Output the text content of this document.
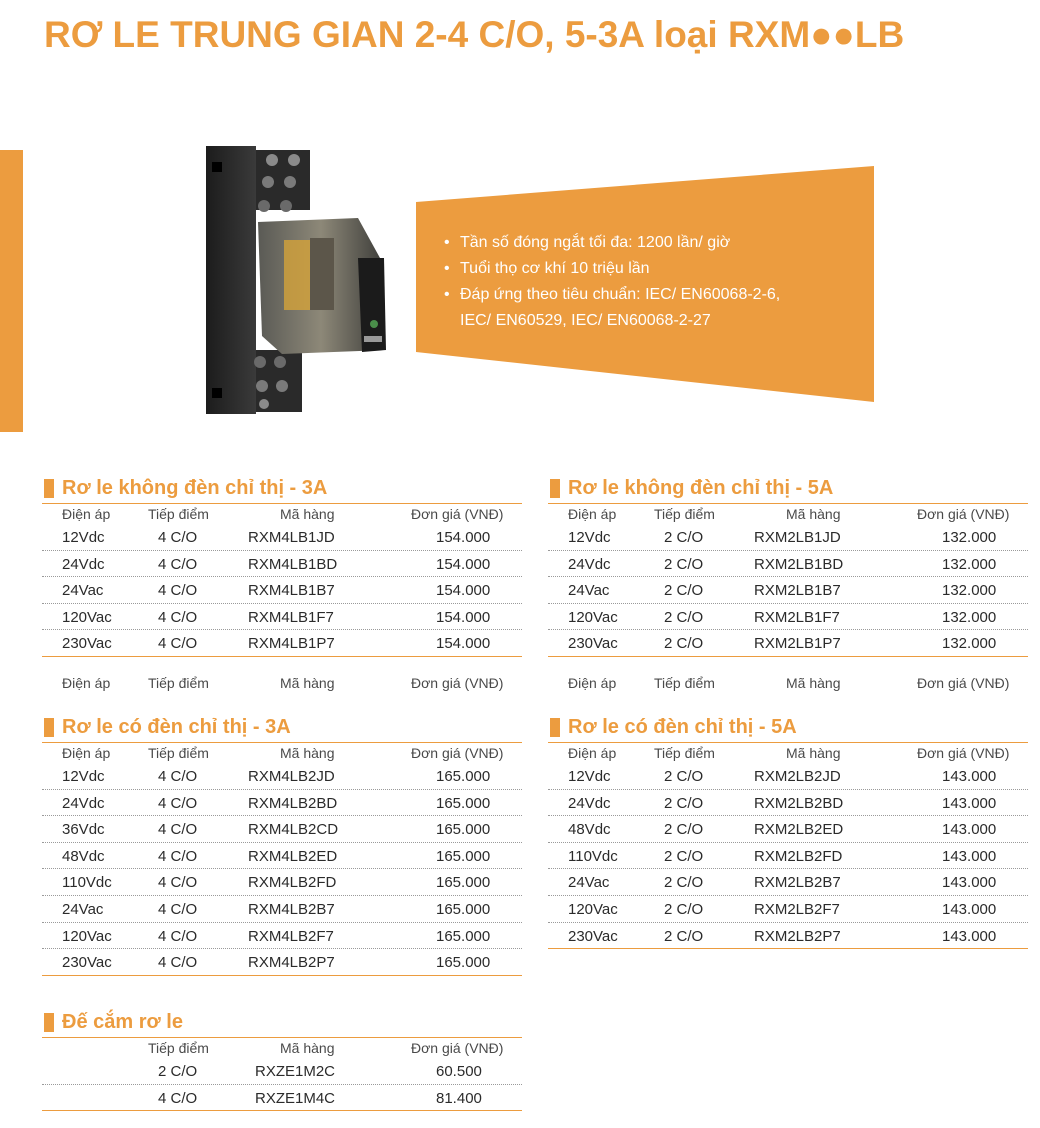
RƠ LE TRUNG GIAN 2-4 C/O, 5-3A loại RXM●●LB
• Tần số đóng ngắt tối đa: 1200 lần/ giờ
• Tuổi thọ cơ khí 10 triệu lần
• Đáp ứng theo tiêu chuẩn: IEC/ EN60068-2-6,
IEC/ EN60529, IEC/ EN60068-2-27
Rơ le không đèn chỉ thị - 3A
Điện áp	Tiếp điểm	Mã hàng	Đơn giá (VNĐ)
12Vdc	4 C/O	RXM4LB1JD	154.000
24Vdc	4 C/O	RXM4LB1BD	154.000
24Vac	4 C/O	RXM4LB1B7	154.000
120Vac	4 C/O	RXM4LB1F7	154.000
230Vac	4 C/O	RXM4LB1P7	154.000
Điện áp	Tiếp điểm	Mã hàng	Đơn giá (VNĐ)
Rơ le không đèn chỉ thị - 5A
Điện áp	Tiếp điểm	Mã hàng	Đơn giá (VNĐ)
12Vdc	2 C/O	RXM2LB1JD	132.000
24Vdc	2 C/O	RXM2LB1BD	132.000
24Vac	2 C/O	RXM2LB1B7	132.000
120Vac	2 C/O	RXM2LB1F7	132.000
230Vac	2 C/O	RXM2LB1P7	132.000
Điện áp	Tiếp điểm	Mã hàng	Đơn giá (VNĐ)
Rơ le có đèn chỉ thị - 3A
Điện áp	Tiếp điểm	Mã hàng	Đơn giá (VNĐ)
12Vdc	4 C/O	RXM4LB2JD	165.000
24Vdc	4 C/O	RXM4LB2BD	165.000
36Vdc	4 C/O	RXM4LB2CD	165.000
48Vdc	4 C/O	RXM4LB2ED	165.000
110Vdc	4 C/O	RXM4LB2FD	165.000
24Vac	4 C/O	RXM4LB2B7	165.000
120Vac	4 C/O	RXM4LB2F7	165.000
230Vac	4 C/O	RXM4LB2P7	165.000
Rơ le có đèn chỉ thị - 5A
Điện áp	Tiếp điểm	Mã hàng	Đơn giá (VNĐ)
12Vdc	2 C/O	RXM2LB2JD	143.000
24Vdc	2 C/O	RXM2LB2BD	143.000
48Vdc	2 C/O	RXM2LB2ED	143.000
110Vdc	2 C/O	RXM2LB2FD	143.000
24Vac	2 C/O	RXM2LB2B7	143.000
120Vac	2 C/O	RXM2LB2F7	143.000
230Vac	2 C/O	RXM2LB2P7	143.000
Đế cắm rơ le
Tiếp điểm	Mã hàng	Đơn giá (VNĐ)
2 C/O	RXZE1M2C	60.500
4 C/O	RXZE1M4C	81.400
